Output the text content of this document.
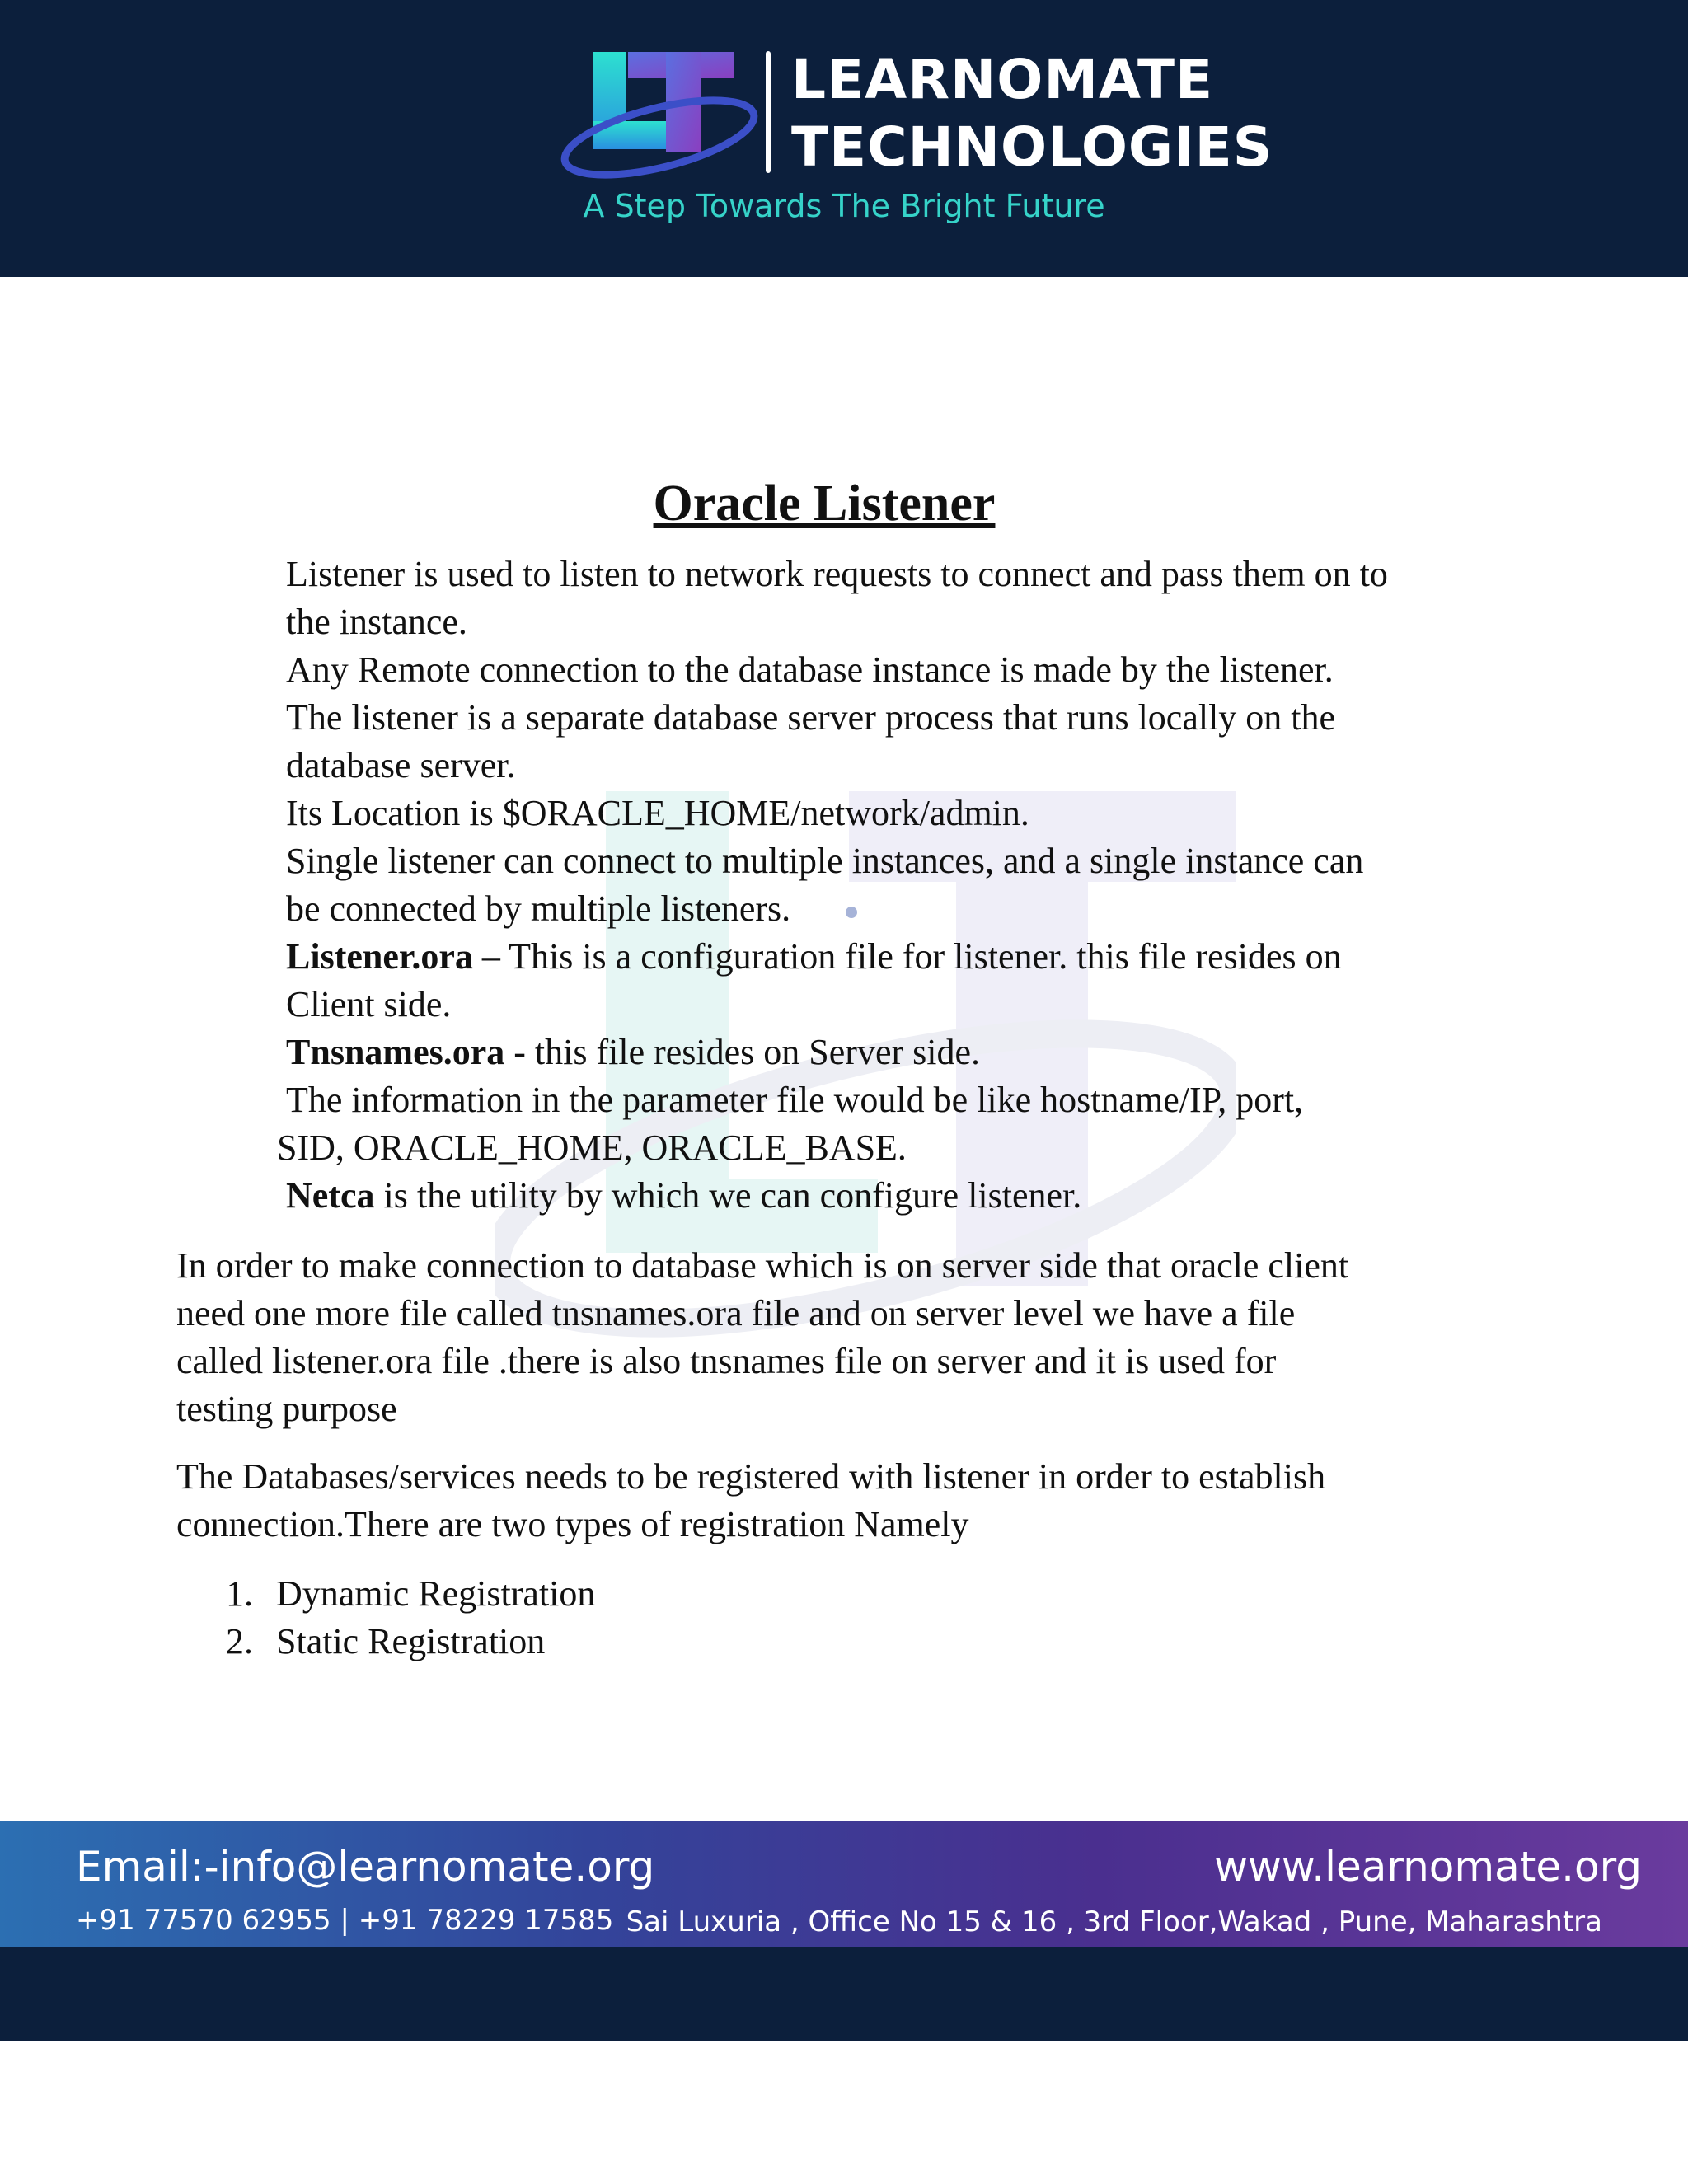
LEARNOMATE
TECHNOLOGIES
A Step Towards The Bright Future
Oracle Listener
Listener is used to listen to network requests to connect and pass them on to
the instance.
Any Remote connection to the database instance is made by the listener.
The listener is a separate database server process that runs locally on the
database server.
Its Location is $ORACLE_HOME/network/admin.
Single listener can connect to multiple instances, and a single instance can
be connected by multiple listeners.
Listener.ora – This is a configuration file for listener. this file resides on
Client side.
Tnsnames.ora - this file resides on Server side.
The information in the parameter file would be like hostname/IP, port,
SID, ORACLE_HOME, ORACLE_BASE.
Netca is the utility by which we can configure listener.
In order to make connection to database which is on server side that oracle client
need one more file called tnsnames.ora file and on server level we have a file
called listener.ora file .there is also tnsnames file on server and it is used for
testing purpose
The Databases/services needs to be registered with listener in order to establish
connection.There are two types of registration Namely
1. Dynamic Registration
2. Static Registration
Email:-info@learnomate.org	www.learnomate.org
+91 77570 62955 | +91 78229 17585 Sai Luxuria , Office No 15 & 16 , 3rd Floor,Wakad , Pune, Maharashtra
